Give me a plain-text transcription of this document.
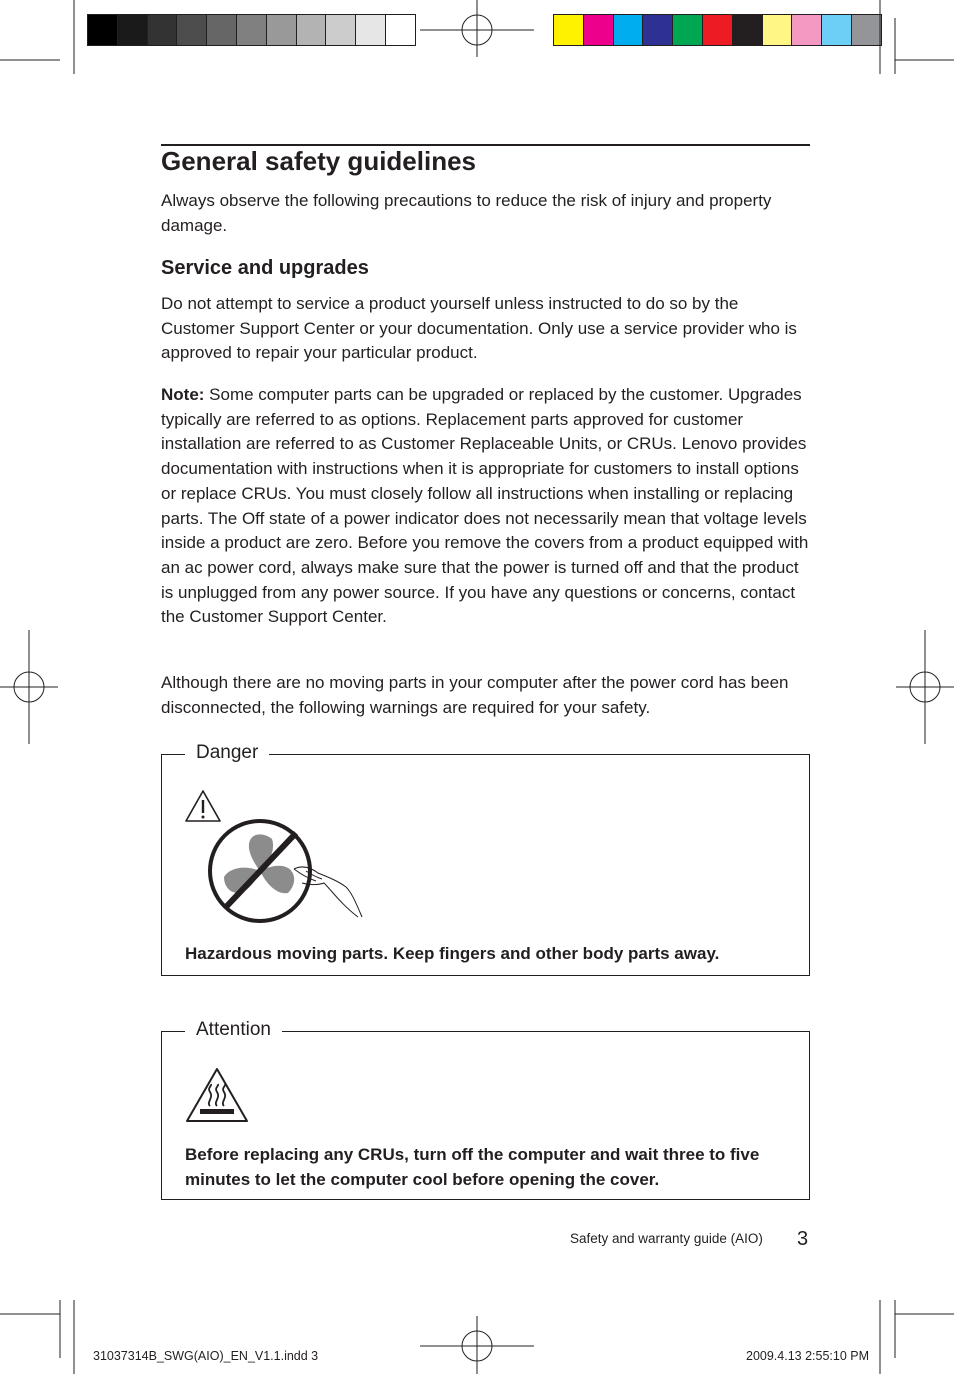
General safety guidelines

Always observe the following precautions to reduce the risk of injury and property damage.

Service and upgrades

Do not attempt to service a product yourself unless instructed to do so by the Customer Support Center or your documentation. Only use a service provider who is approved to repair your particular product.

Note: Some computer parts can be upgraded or replaced by the customer. Upgrades typically are referred to as options. Replacement parts approved for customer installation are referred to as Customer Replaceable Units, or CRUs. Lenovo provides documentation with instructions when it is appropriate for customers to install options or replace CRUs. You must closely follow all instructions when installing or replacing parts. The Off state of a power indicator does not necessarily mean that voltage levels inside a product are zero. Before you remove the covers from a product equipped with an ac power cord, always make sure that the power is turned off and that the product is unplugged from any power source. If you have any questions or concerns, contact the Customer Support Center.

Although there are no moving parts in your computer after the power cord has been disconnected, the following warnings are required for your safety.

Danger
Hazardous moving parts. Keep fingers and other body parts away.
Attention
Before replacing any CRUs, turn off the computer and wait three to five minutes to let the computer cool before opening the cover.
Safety and warranty guide (AIO) 3
31037314B_SWG(AIO)_EN_V1.1.indd 3	2009.4.13 2:55:10 PM
